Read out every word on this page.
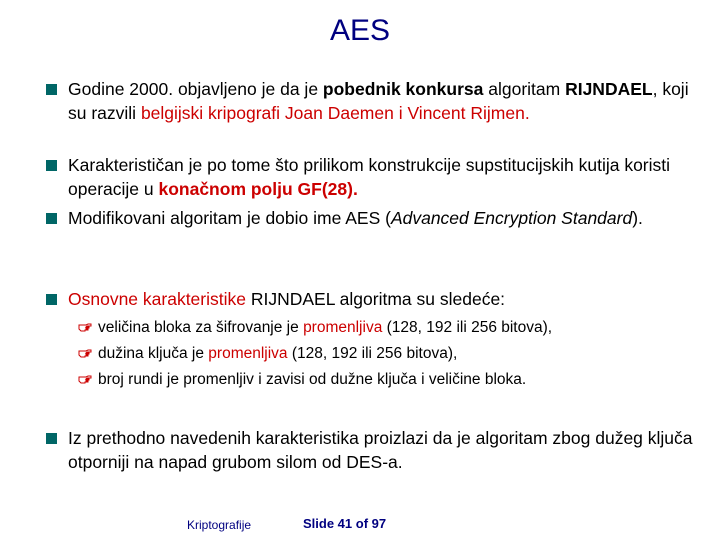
AES
Godine 2000. objavljeno je da je pobednik konkursa algoritam RIJNDAEL, koji su razvili belgijski kripografi Joan Daemen i Vincent Rijmen.
Karakterističan je po tome što prilikom konstrukcije supstitucijskih kutija koristi operacije u konačnom polju GF(28).
Modifikovani algoritam je dobio ime AES (Advanced Encryption Standard).
Osnovne karakteristike RIJNDAEL algoritma su sledeće:
veličina bloka za šifrovanje je promenljiva (128, 192 ili 256 bitova),
dužina ključa je promenljiva (128, 192 ili 256 bitova),
broj rundi je promenljiv i zavisi od dužne ključa i veličine bloka.
Iz prethodno navedenih karakteristika proizlazi da je algoritam zbog dužeg ključa otporniji na napad grubom silom od DES-a.
Kriptografije	Slide 41 of 97
